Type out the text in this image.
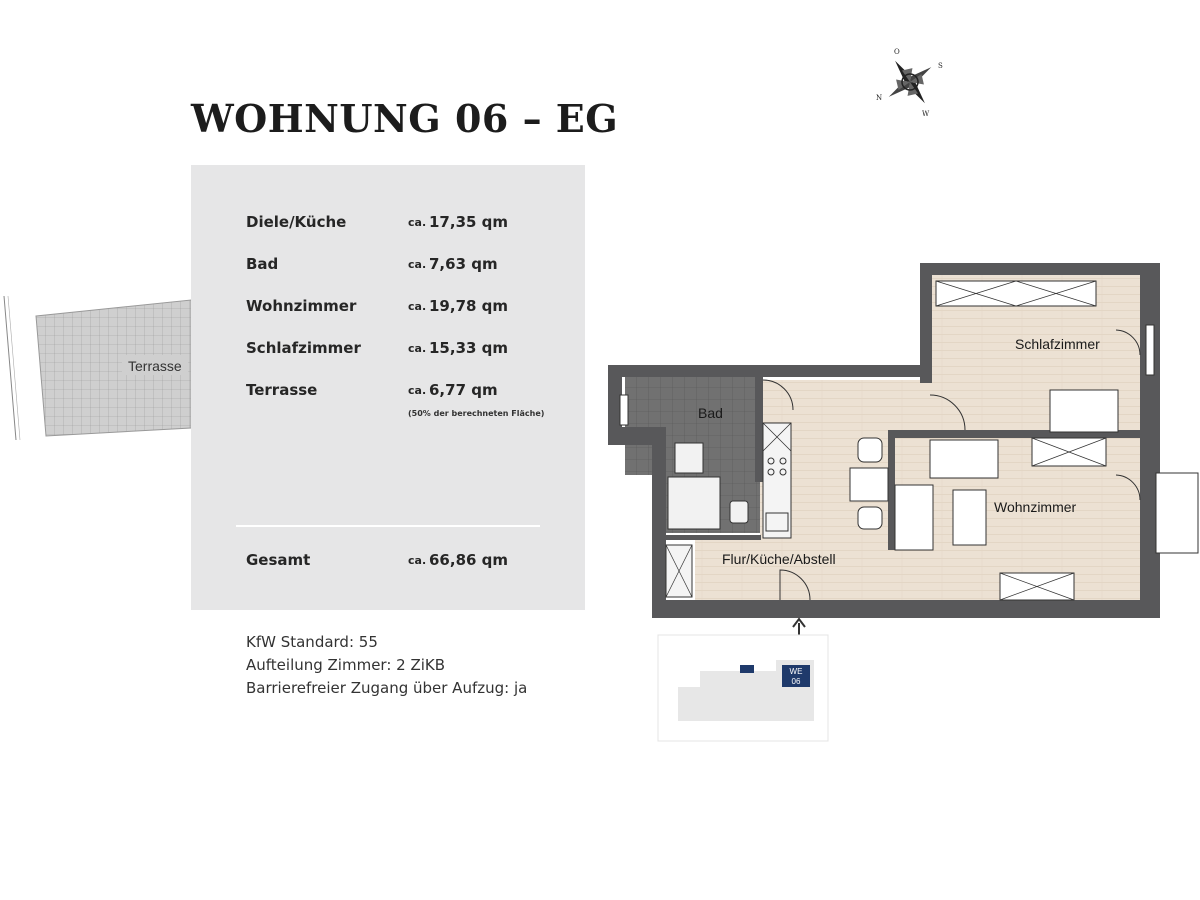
WOHNUNG 06 – EG
O
S
N
W
Terrasse
Diele/Küche	ca. 17,35 qm
Bad	ca. 7,63 qm
Wohnzimmer	ca. 19,78 qm
Schlafzimmer	ca. 15,33 qm
Terrasse	ca. 6,77 qm
(50% der berechneten Fläche)
Gesamt	ca. 66,86 qm
KfW Standard: 55
Aufteilung Zimmer: 2 ZiKB
Barrierefreier Zugang über Aufzug: ja
Bad
Schlafzimmer
Wohnzimmer
Flur/Küche/Abstell
WE
06
